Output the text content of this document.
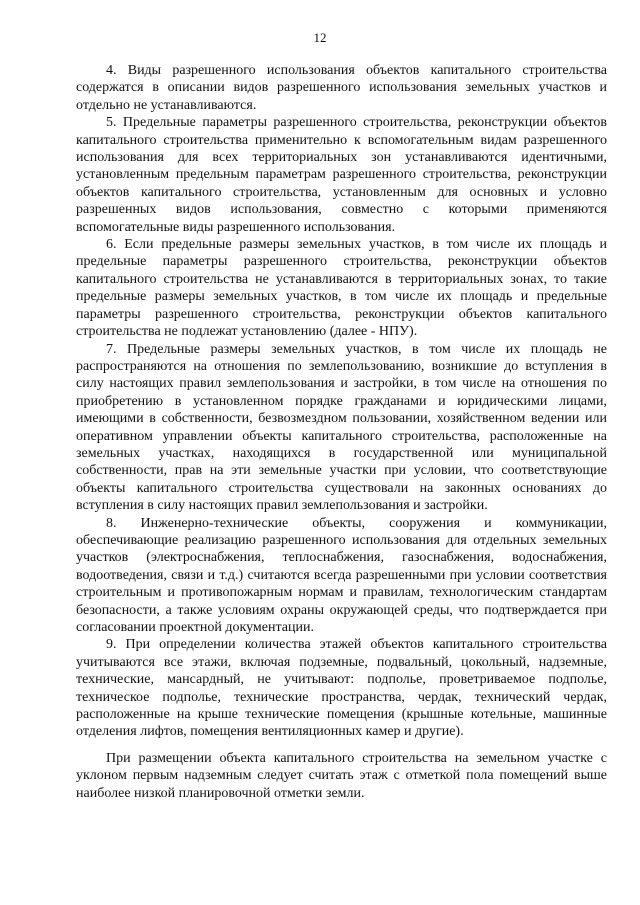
12

4. Виды разрешенного использования объектов капитального строительства содержатся в описании видов разрешенного использования земельных участков и отдельно не устанавливаются.

5. Предельные параметры разрешенного строительства, реконструкции объектов капитального строительства применительно к вспомогательным видам разрешенного использования для всех территориальных зон устанавливаются идентичными, установленным предельным параметрам разрешенного строительства, реконструкции объектов капитального строительства, установленным для основных и условно разрешенных видов использования, совместно с которыми применяются вспомогательные виды разрешенного использования.

6. Если предельные размеры земельных участков, в том числе их площадь и предельные параметры разрешенного строительства, реконструкции объектов капитального строительства не устанавливаются в территориальных зонах, то такие предельные размеры земельных участков, в том числе их площадь и предельные параметры разрешенного строительства, реконструкции объектов капитального строительства не подлежат установлению (далее - НПУ).

7. Предельные размеры земельных участков, в том числе их площадь не распространяются на отношения по землепользованию, возникшие до вступления в силу настоящих правил землепользования и застройки, в том числе на отношения по приобретению в установленном порядке гражданами и юридическими лицами, имеющими в собственности, безвозмездном пользовании, хозяйственном ведении или оперативном управлении объекты капитального строительства, расположенные на земельных участках, находящихся в государственной или муниципальной собственности, прав на эти земельные участки при условии, что соответствующие объекты капитального строительства существовали на законных основаниях до вступления в силу настоящих правил землепользования и застройки.

8. Инженерно-технические объекты, сооружения и коммуникации, обеспечивающие реализацию разрешенного использования для отдельных земельных участков (электроснабжения, теплоснабжения, газоснабжения, водоснабжения, водоотведения, связи и т.д.) считаются всегда разрешенными при условии соответствия строительным и противопожарным нормам и правилам, технологическим стандартам безопасности, а также условиям охраны окружающей среды, что подтверждается при согласовании проектной документации.

9. При определении количества этажей объектов капитального строительства учитываются все этажи, включая подземные, подвальный, цокольный, надземные, технические, мансардный, не учитывают: подполье, проветриваемое подполье, техническое подполье, технические пространства, чердак, технический чердак, расположенные на крыше технические помещения (крышные котельные, машинные отделения лифтов, помещения вентиляционных камер и другие).

При размещении объекта капитального строительства на земельном участке с уклоном первым надземным следует считать этаж с отметкой пола помещений выше наиболее низкой планировочной отметки земли.
